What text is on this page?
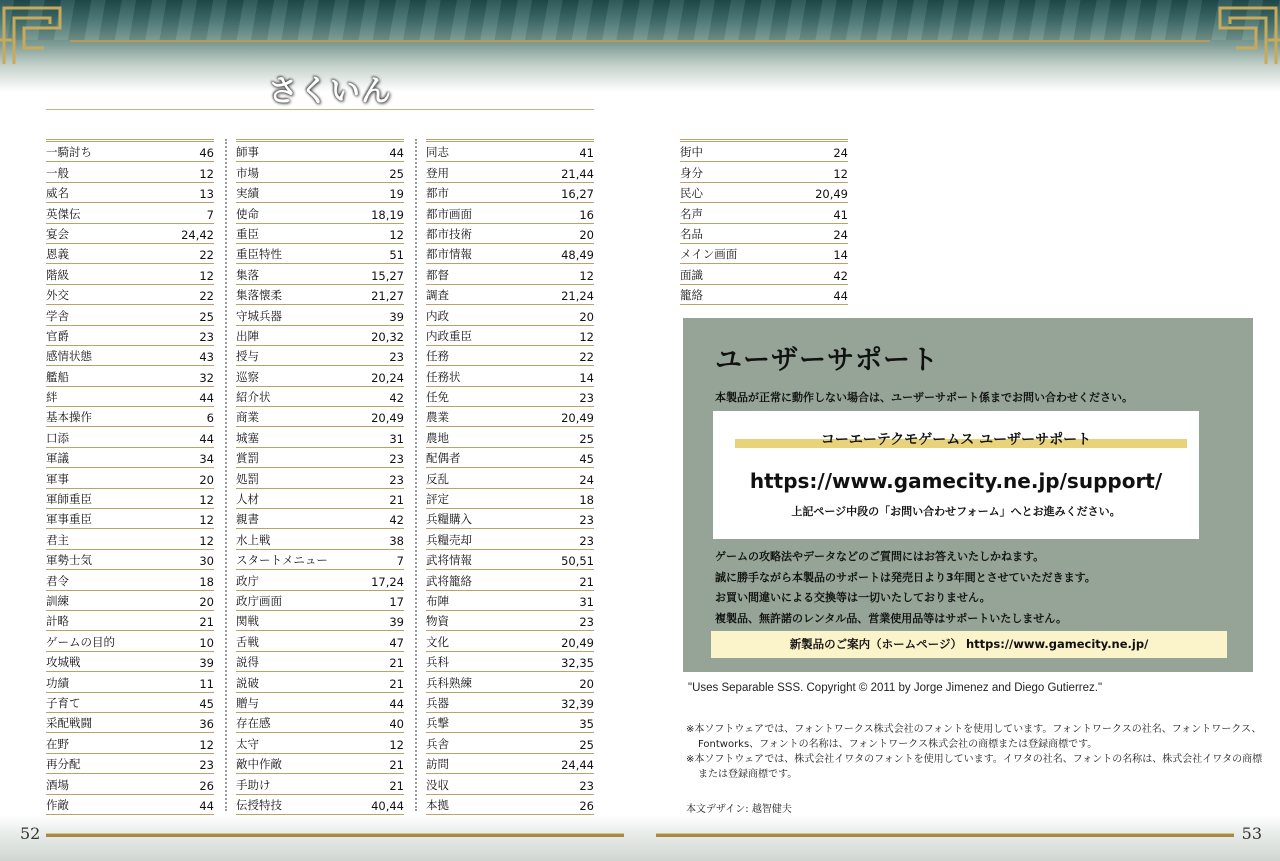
さくいん
一騎討ち	46
一般	12
威名	13
英傑伝	7
宴会	24,42
恩義	22
階級	12
外交	22
学舎	25
官爵	23
感情状態	43
艦船	32
絆	44
基本操作	6
口添	44
軍議	34
軍事	20
軍師重臣	12
軍事重臣	12
君主	12
軍勢士気	30
君令	18
訓練	20
計略	21
ゲームの目的	10
攻城戦	39
功績	11
子育て	45
采配戦闘	36
在野	12
再分配	23
酒場	26
作敵	44
師事	44
市場	25
実績	19
使命	18,19
重臣	12
重臣特性	51
集落	15,27
集落懐柔	21,27
守城兵器	39
出陣	20,32
授与	23
巡察	20,24
紹介状	42
商業	20,49
城塞	31
賞罰	23
処罰	23
人材	21
親書	42
水上戦	38
スタートメニュー	7
政庁	17,24
政庁画面	17
関戦	39
舌戦	47
説得	21
説破	21
贈与	44
存在感	40
太守	12
敵中作敵	21
手助け	21
伝授特技	40,44
同志	41
登用	21,44
都市	16,27
都市画面	16
都市技術	20
都市情報	48,49
都督	12
調査	21,24
内政	20
内政重臣	12
任務	22
任務状	14
任免	23
農業	20,49
農地	25
配偶者	45
反乱	24
評定	18
兵糧購入	23
兵糧売却	23
武将情報	50,51
武将籠絡	21
布陣	31
物資	23
文化	20,49
兵科	32,35
兵科熟練	20
兵器	32,39
兵撃	35
兵舎	25
訪問	24,44
没収	23
本拠	26
街中	24
身分	12
民心	20,49
名声	41
名品	24
メイン画面	14
面識	42
籠絡	44
ユーザーサポート
本製品が正常に動作しない場合は、ユーザーサポート係までお問い合わせください。
コーエーテクモゲームス ユーザーサポート
https://www.gamecity.ne.jp/support/
上記ページ中段の「お問い合わせフォーム」へとお進みください。
ゲームの攻略法やデータなどのご質問にはお答えいたしかねます。
誠に勝手ながら本製品のサポートは発売日より3年間とさせていただきます。
お買い間違いによる交換等は一切いたしておりません。
複製品、無許諾のレンタル品、営業使用品等はサポートいたしません。
新製品のご案内（ホームページ） https://www.gamecity.ne.jp/
"Uses Separable SSS. Copyright © 2011 by Jorge Jimenez and Diego Gutierrez."

※本ソフトウェアでは、フォントワークス株式会社のフォントを使用しています。フォントワークスの社名、フォントワークス、Fontworks、フォントの名称は、フォントワークス株式会社の商標または登録商標です。

※本ソフトウェアでは、株式会社イワタのフォントを使用しています。イワタの社名、フォントの名称は、株式会社イワタの商標または登録商標です。

本文デザイン: 越智健夫
52	53
